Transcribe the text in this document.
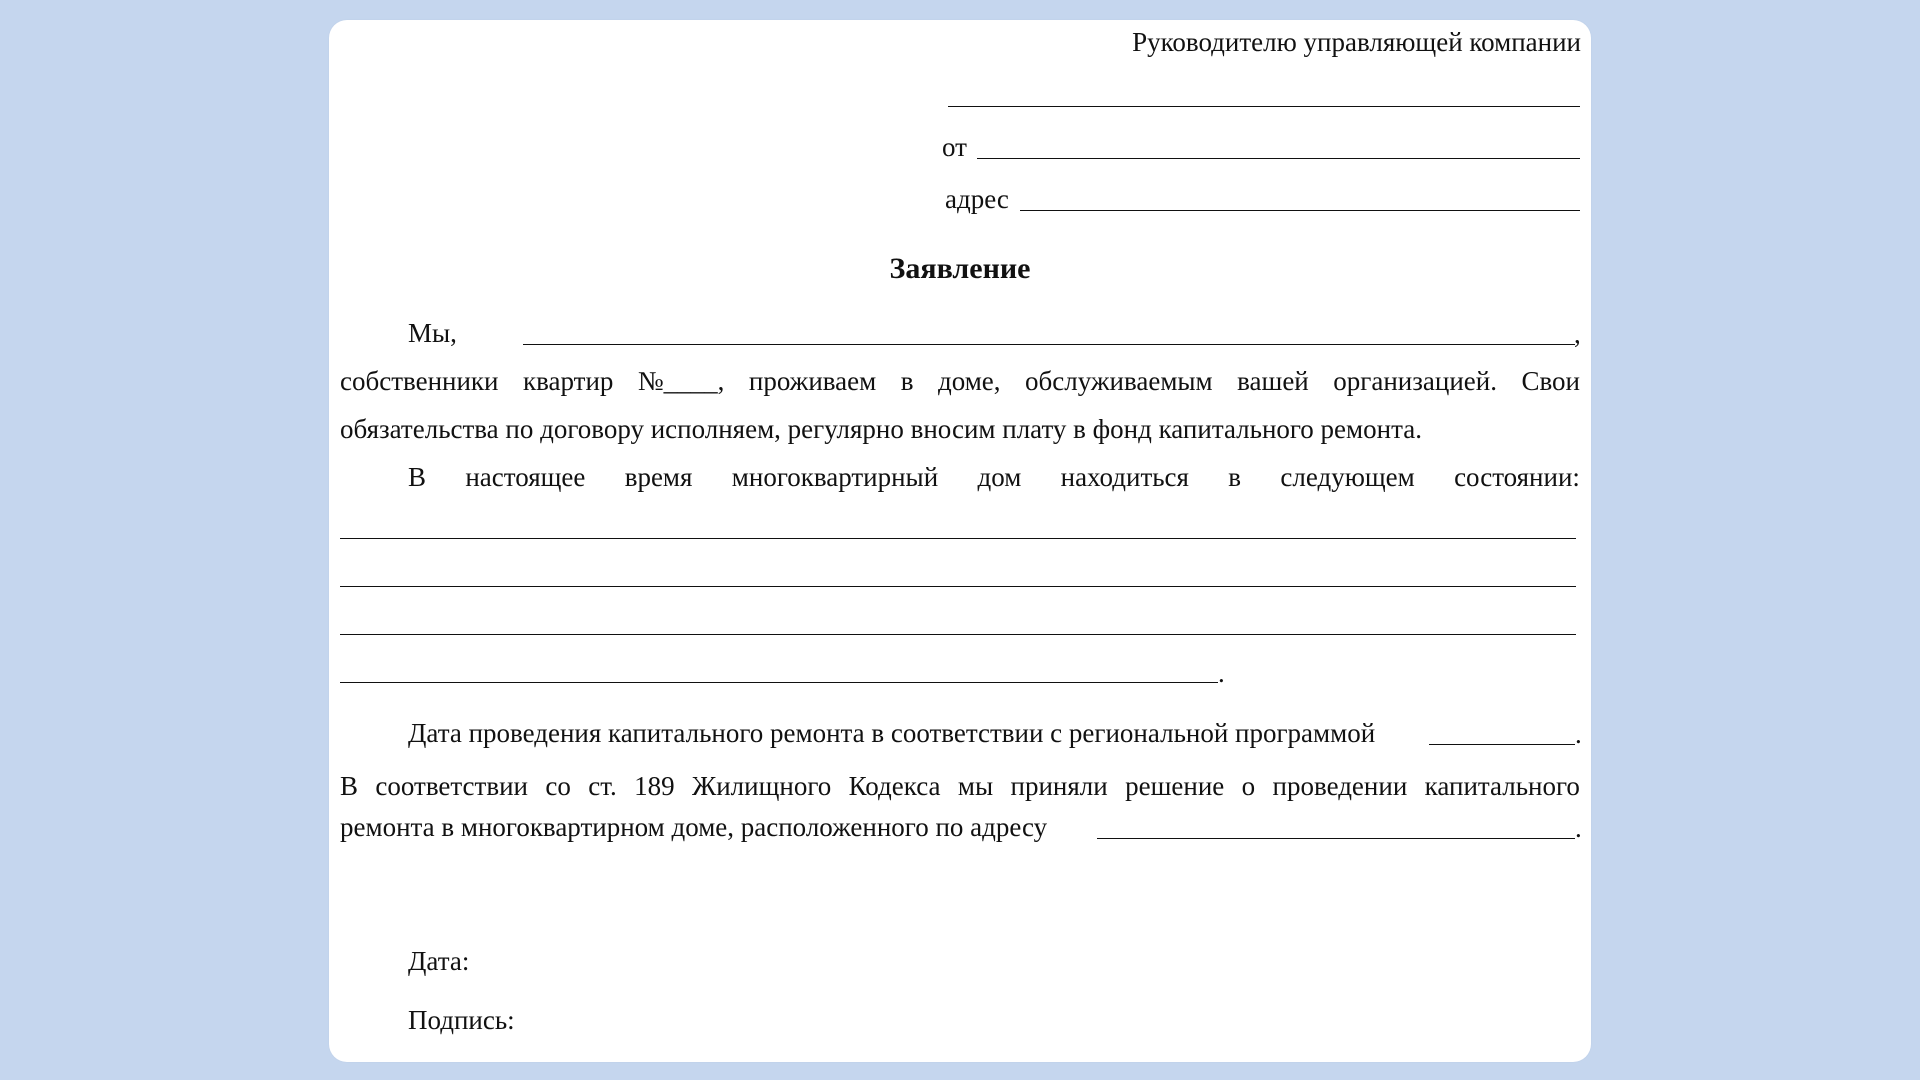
Руководителю управляющей компании
от
адрес
Заявление
Мы,	,
собственники квартир №____, проживаем в доме, обслуживаемым вашей организацией. Свои
обязательства по договору исполняем, регулярно вносим плату в фонд капитального ремонта.
В настоящее время многоквартирный дом находиться в следующем состоянии:
.
Дата проведения капитального ремонта в соответствии с региональной программой	.
В соответствии со ст. 189 Жилищного Кодекса мы приняли решение о проведении капитального
ремонта в многоквартирном доме, расположенного по адресу	.
Дата:
Подпись:
